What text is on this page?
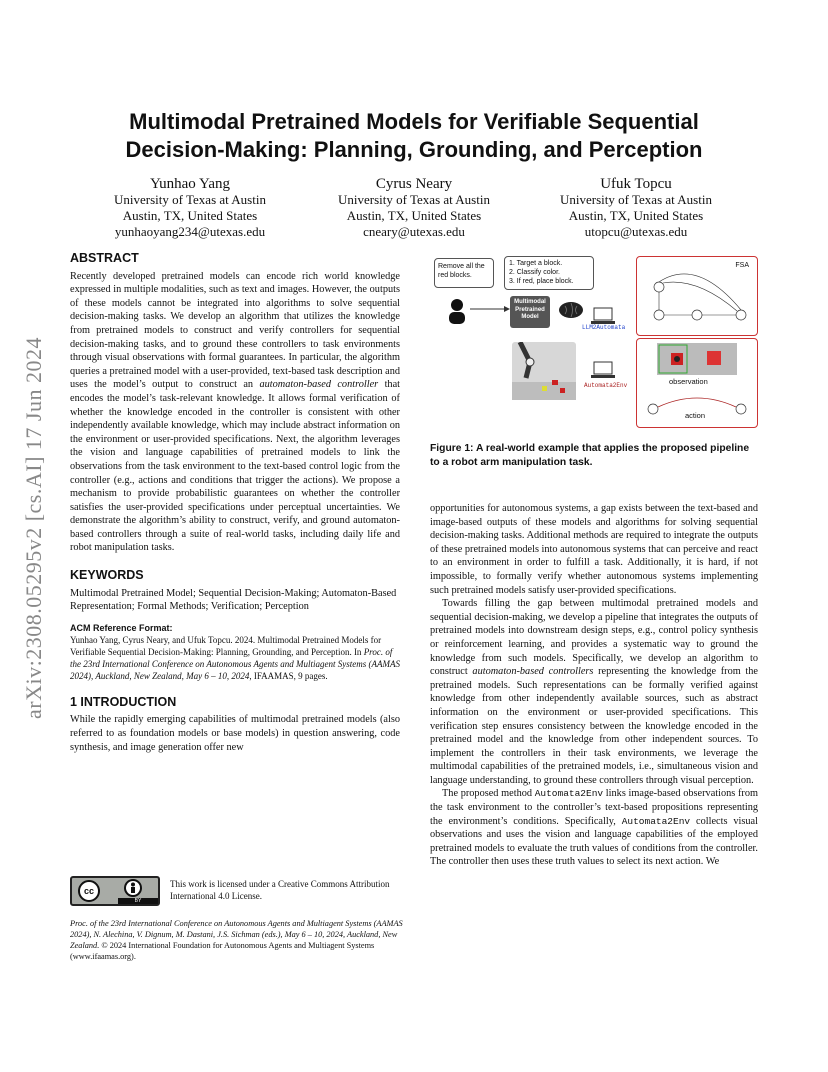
arXiv:2308.05295v2 [cs.AI] 17 Jun 2024
Multimodal Pretrained Models for Verifiable Sequential
Decision-Making: Planning, Grounding, and Perception
Yunhao Yang
University of Texas at Austin
Austin, TX, United States
yunhaoyang234@utexas.edu
Cyrus Neary
University of Texas at Austin
Austin, TX, United States
cneary@utexas.edu
Ufuk Topcu
University of Texas at Austin
Austin, TX, United States
utopcu@utexas.edu
ABSTRACT

Recently developed pretrained models can encode rich world knowledge expressed in multiple modalities, such as text and images. However, the outputs of these models cannot be integrated into algorithms to solve sequential decision-making tasks. We develop an algorithm that utilizes the knowledge from pretrained models to construct and verify controllers for sequential decision-making tasks, and to ground these controllers to task environments through visual observations with formal guarantees. In particular, the algorithm queries a pretrained model with a user-provided, text-based task description and uses the model’s output to construct an automaton-based controller that encodes the model’s task-relevant knowledge. It allows formal verification of whether the knowledge encoded in the controller is consistent with other independently available knowledge, which may include abstract information on the environment or user-provided specifications. Next, the algorithm leverages the vision and language capabilities of pretrained models to link the observations from the task environment to the text-based control logic from the controller (e.g., actions and conditions that trigger the actions). We propose a mechanism to provide probabilistic guarantees on whether the controller satisfies the user-provided specifications under perceptual uncertainties. We demonstrate the algorithm’s ability to construct, verify, and ground automaton-based controllers through a suite of real-world tasks, including daily life and robot manipulation tasks.

KEYWORDS

Multimodal Pretrained Model; Sequential Decision-Making; Automaton-Based Representation; Formal Methods; Verification; Perception

ACM Reference Format:
Yunhao Yang, Cyrus Neary, and Ufuk Topcu. 2024. Multimodal Pretrained Models for Verifiable Sequential Decision-Making: Planning, Grounding, and Perception. In Proc. of the 23rd International Conference on Autonomous Agents and Multiagent Systems (AAMAS 2024), Auckland, New Zealand, May 6 – 10, 2024, IFAAMAS, 9 pages.
1 INTRODUCTION

While the rapidly emerging capabilities of multimodal pretrained models (also referred to as foundation models or base models) in question answering, code synthesis, and image generation offer new

cc
BY
This work is licensed under a Creative Commons Attribution International 4.0 License.
Proc. of the 23rd International Conference on Autonomous Agents and Multiagent Systems (AAMAS 2024), N. Alechina, V. Dignum, M. Dastani, J.S. Sichman (eds.), May 6 – 10, 2024, Auckland, New Zealand. © 2024 International Foundation for Autonomous Agents and Multiagent Systems (www.ifaamas.org).
Remove all the red blocks.
1. Target a block.
2. Classify color.
3. If red, place block.
Multimodal Pretrained Model
LLM2Automata
Automata2Env
FSA
observation
action
Figure 1: A real-world example that applies the proposed pipeline to a robot arm manipulation task.

opportunities for autonomous systems, a gap exists between the text-based and image-based outputs of these models and algorithms for solving sequential decision-making tasks. Additional methods are required to integrate the outputs of these pretrained models into autonomous systems that can perceive and react to an environment in order to fulfill a task. Additionally, it is hard, if not impossible, to formally verify whether autonomous systems implementing such pretrained models satisfy user-provided specifications.

Towards filling the gap between multimodal pretrained models and sequential decision-making, we develop a pipeline that integrates the outputs of pretrained models into downstream design steps, e.g., control policy synthesis or reinforcement learning, and provides a systematic way to ground the knowledge from such models. Specifically, we develop an algorithm to construct automaton-based controllers representing the knowledge from the pretrained models. Such representations can be formally verified against knowledge from other independently available sources, such as abstract information on the environment or user-provided specifications. This verification step ensures consistency between the knowledge encoded in the pretrained model and the knowledge from other independent sources. To implement the controllers in their task environments, we leverage the multimodal capabilities of the pretrained models, i.e., simultaneous vision and language understanding, to ground these controllers through visual perception.

The proposed method Automata2Env links image-based observations from the task environment to the controller’s text-based propositions representing the environment’s conditions. Specifically, Automata2Env collects visual observations and uses the vision and language capabilities of the employed pretrained models to evaluate the truth values of conditions from the controller. The controller then uses these truth values to select its next action. We
